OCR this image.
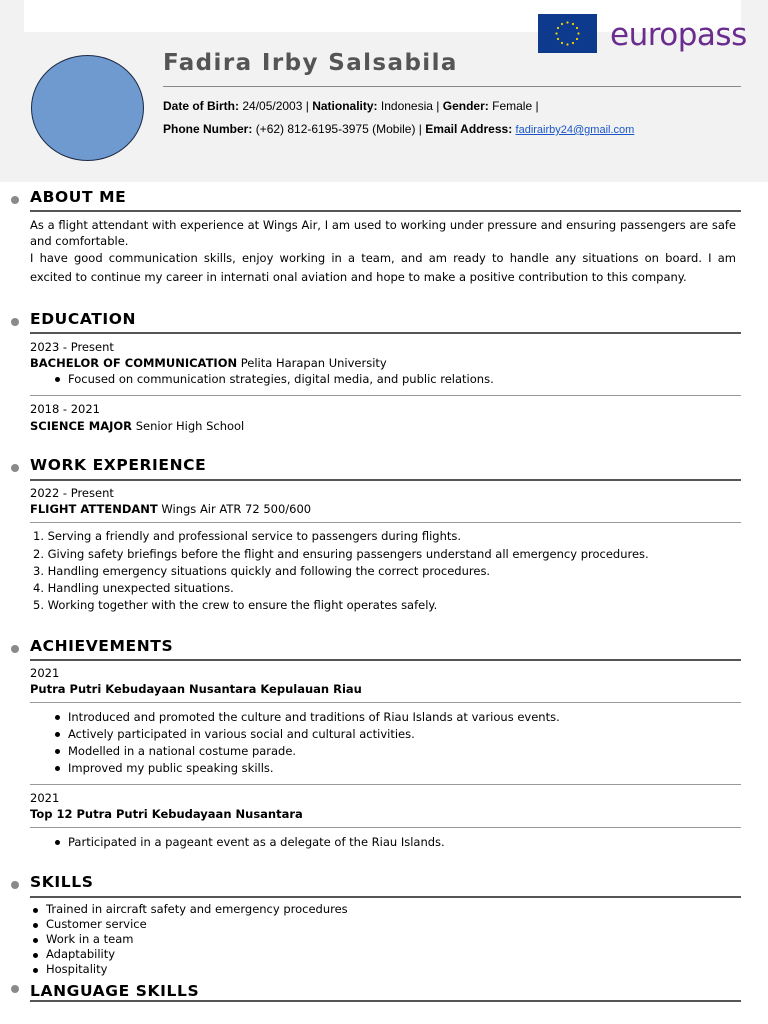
europass
Fadira Irby Salsabila
Date of Birth: 24/05/2003 | Nationality: Indonesia | Gender: Female |
Phone Number: (+62) 812-6195-3975 (Mobile) | Email Address: fadirairby24@gmail.com
ABOUT ME
As a flight attendant with experience at Wings Air, I am used to working under pressure and ensuring passengers are safe and comfortable.
I have good communication skills, enjoy working in a team, and am ready to handle any situations on board. I am
excited to continue my career in internati onal aviation and hope to make a positive contribution to this company.
EDUCATION
2023 - Present
BACHELOR OF COMMUNICATION Pelita Harapan University
Focused on communication strategies, digital media, and public relations.
2018 - 2021
SCIENCE MAJOR Senior High School
WORK EXPERIENCE
2022 - Present
FLIGHT ATTENDANT Wings Air ATR 72 500/600
1. Serving a friendly and professional service to passengers during flights.
2. Giving safety briefings before the flight and ensuring passengers understand all emergency procedures.
3. Handling emergency situations quickly and following the correct procedures.
4. Handling unexpected situations.
5. Working together with the crew to ensure the flight operates safely.
ACHIEVEMENTS
2021
Putra Putri Kebudayaan Nusantara Kepulauan Riau
Introduced and promoted the culture and traditions of Riau Islands at various events.
Actively participated in various social and cultural activities.
Modelled in a national costume parade.
Improved my public speaking skills.
2021
Top 12 Putra Putri Kebudayaan Nusantara
Participated in a pageant event as a delegate of the Riau Islands.
SKILLS
Trained in aircraft safety and emergency procedures
Customer service
Work in a team
Adaptability
Hospitality
LANGUAGE SKILLS
